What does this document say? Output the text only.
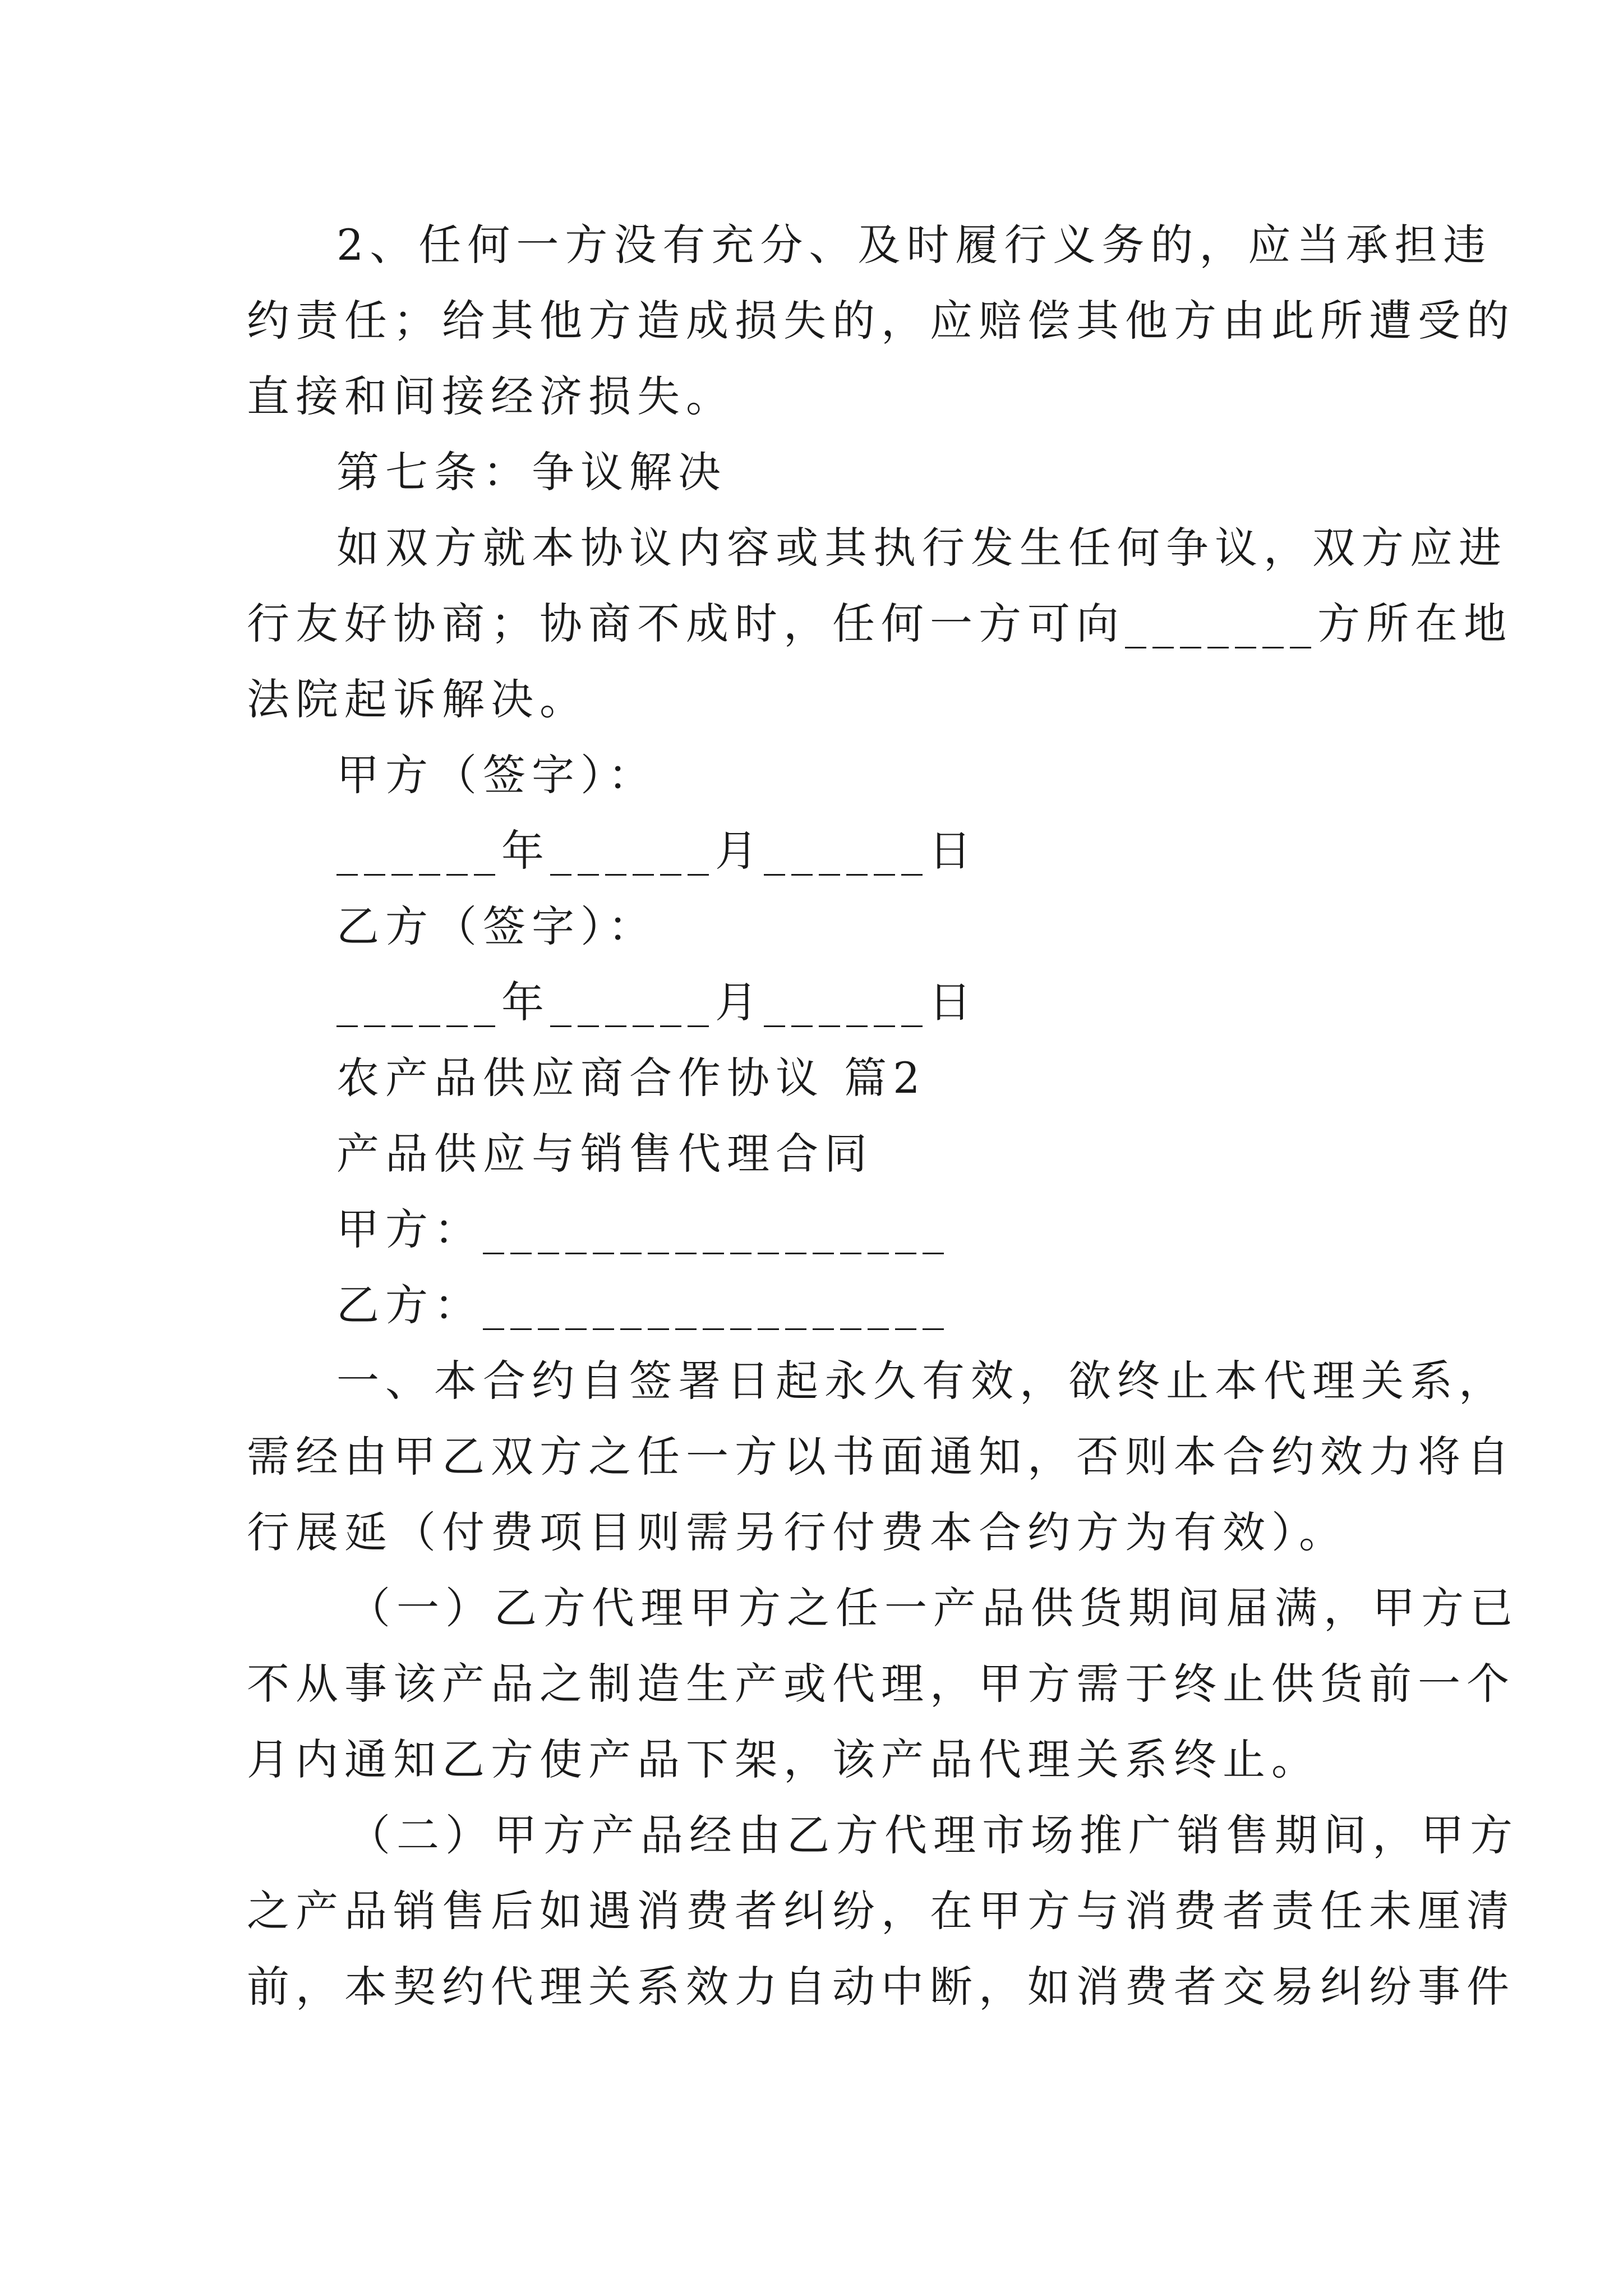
2、任何一方没有充分、及时履行义务的，应当承担违
约责任；给其他方造成损失的，应赔偿其他方由此所遭受的
直接和间接经济损失。
第七条：争议解决
如双方就本协议内容或其执行发生任何争议，双方应进
行友好协商；协商不成时，任何一方可向_______方所在地
法院起诉解决。
甲方（签字）：
______年______月______日
乙方（签字）：
______年______月______日
农产品供应商合作协议 篇2
产品供应与销售代理合同
甲方：_________________
乙方：_________________
一、本合约自签署日起永久有效，欲终止本代理关系，
需经由甲乙双方之任一方以书面通知，否则本合约效力将自
行展延（付费项目则需另行付费本合约方为有效）。
（一）乙方代理甲方之任一产品供货期间届满，甲方已
不从事该产品之制造生产或代理，甲方需于终止供货前一个
月内通知乙方使产品下架，该产品代理关系终止。
（二）甲方产品经由乙方代理市场推广销售期间，甲方
之产品销售后如遇消费者纠纷，在甲方与消费者责任未厘清
前，本契约代理关系效力自动中断，如消费者交易纠纷事件
